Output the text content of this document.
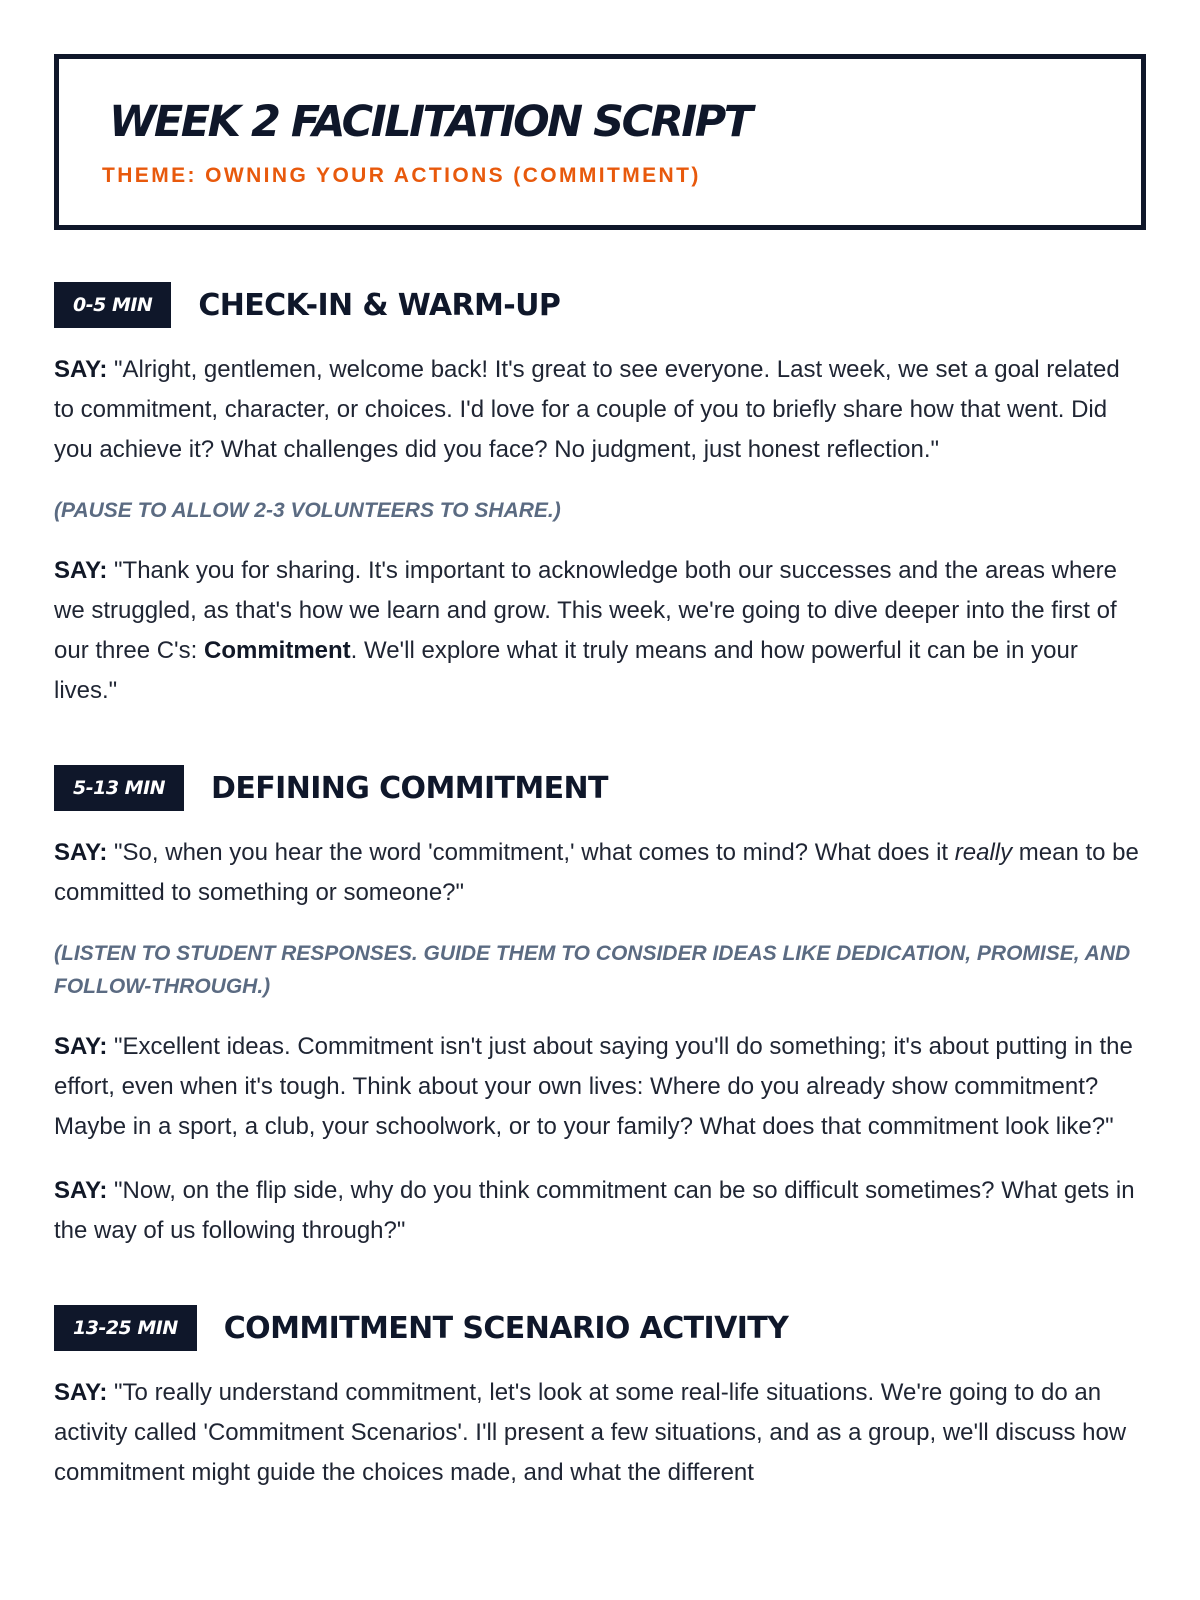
WEEK 2 FACILITATION SCRIPT
THEME: OWNING YOUR ACTIONS (COMMITMENT)
0-5 MIN	CHECK-IN & WARM-UP

SAY: "Alright, gentlemen, welcome back! It's great to see everyone. Last week, we set a goal related to commitment, character, or choices. I'd love for a couple of you to briefly share how that went. Did you achieve it? What challenges did you face? No judgment, just honest reflection."

(PAUSE TO ALLOW 2-3 VOLUNTEERS TO SHARE.)

SAY: "Thank you for sharing. It's important to acknowledge both our successes and the areas where we struggled, as that's how we learn and grow. This week, we're going to dive deeper into the first of our three C's: Commitment. We'll explore what it truly means and how powerful it can be in your lives."

5-13 MIN	DEFINING COMMITMENT

SAY: "So, when you hear the word 'commitment,' what comes to mind? What does it really mean to be committed to something or someone?"

(LISTEN TO STUDENT RESPONSES. GUIDE THEM TO CONSIDER IDEAS LIKE DEDICATION, PROMISE, AND FOLLOW-THROUGH.)

SAY: "Excellent ideas. Commitment isn't just about saying you'll do something; it's about putting in the effort, even when it's tough. Think about your own lives: Where do you already show commitment? Maybe in a sport, a club, your schoolwork, or to your family? What does that commitment look like?"

SAY: "Now, on the flip side, why do you think commitment can be so difficult sometimes? What gets in the way of us following through?"

13-25 MIN	COMMITMENT SCENARIO ACTIVITY

SAY: "To really understand commitment, let's look at some real-life situations. We're going to do an activity called 'Commitment Scenarios'. I'll present a few situations, and as a group, we'll discuss how commitment might guide the choices made, and what the different
